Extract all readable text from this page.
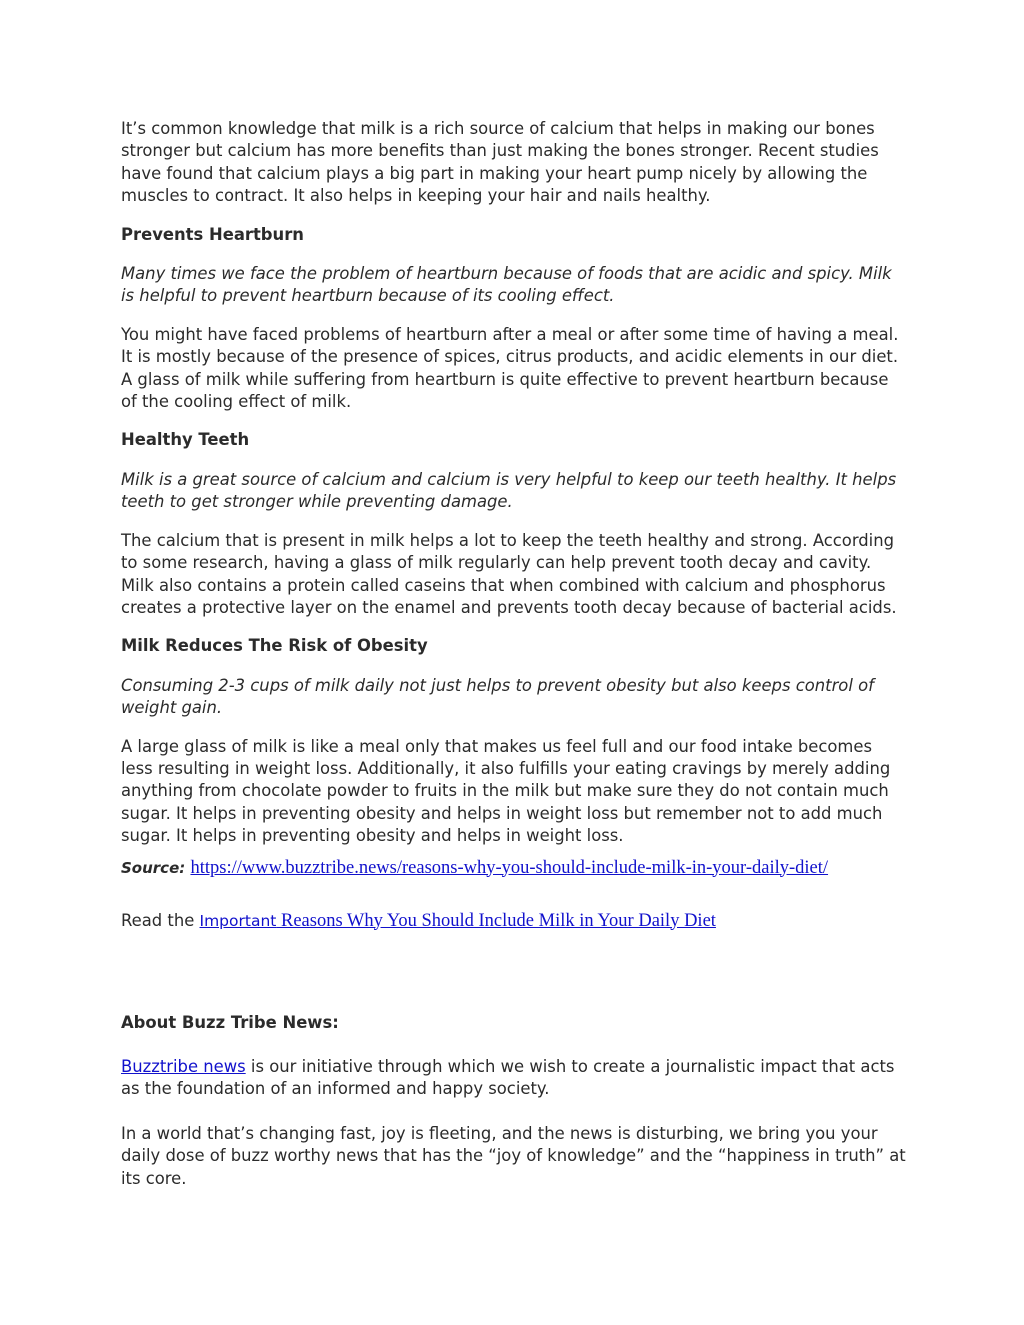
It’s common knowledge that milk is a rich source of calcium that helps in making our bones stronger but calcium has more benefits than just making the bones stronger. Recent studies have found that calcium plays a big part in making your heart pump nicely by allowing the muscles to contract. It also helps in keeping your hair and nails healthy.

Prevents Heartburn

Many times we face the problem of heartburn because of foods that are acidic and spicy. Milk is helpful to prevent heartburn because of its cooling effect.

You might have faced problems of heartburn after a meal or after some time of having a meal. It is mostly because of the presence of spices, citrus products, and acidic elements in our diet. A glass of milk while suffering from heartburn is quite effective to prevent heartburn because of the cooling effect of milk.

Healthy Teeth

Milk is a great source of calcium and calcium is very helpful to keep our teeth healthy. It helps teeth to get stronger while preventing damage.

The calcium that is present in milk helps a lot to keep the teeth healthy and strong. According to some research, having a glass of milk regularly can help prevent tooth decay and cavity. Milk also contains a protein called caseins that when combined with calcium and phosphorus creates a protective layer on the enamel and prevents tooth decay because of bacterial acids.

Milk Reduces The Risk of Obesity

Consuming 2-3 cups of milk daily not just helps to prevent obesity but also keeps control of weight gain.

A large glass of milk is like a meal only that makes us feel full and our food intake becomes less resulting in weight loss. Additionally, it also fulfills your eating cravings by merely adding anything from chocolate powder to fruits in the milk but make sure they do not contain much sugar. It helps in preventing obesity and helps in weight loss but remember not to add much sugar. It helps in preventing obesity and helps in weight loss.

Source: https://www.buzztribe.news/reasons-why-you-should-include-milk-in-your-daily-diet/

Read the Important Reasons Why You Should Include Milk in Your Daily Diet

About Buzz Tribe News:

Buzztribe news is our initiative through which we wish to create a journalistic impact that acts as the foundation of an informed and happy society.

In a world that’s changing fast, joy is fleeting, and the news is disturbing, we bring you your daily dose of buzz worthy news that has the “joy of knowledge” and the “happiness in truth” at its core.
